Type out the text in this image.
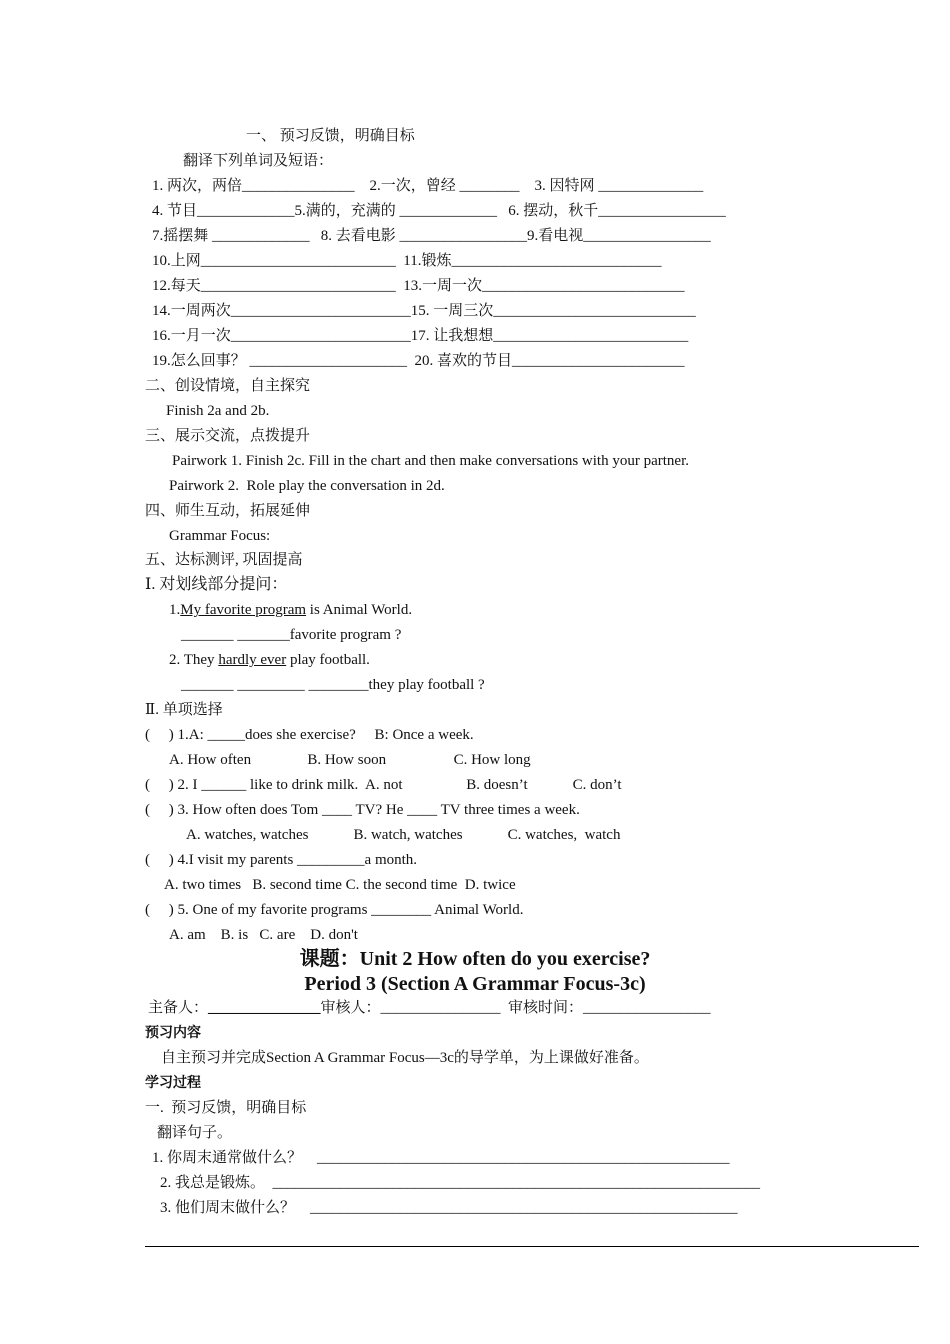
一、 预习反馈，明确目标
翻译下列单词及短语：
1. 两次，两倍_______________    2.一次，曾经 ________    3. 因特网 ______________
4. 节目_____________5.满的，充满的 _____________   6. 摆动，秋千_________________
7.摇摆舞 _____________   8. 去看电影 _________________9.看电视_________________
10.上网__________________________  11.锻炼____________________________
12.每天__________________________  13.一周一次___________________________
14.一周两次________________________15. 一周三次___________________________
16.一月一次________________________17. 让我想想__________________________
19.怎么回事？ _____________________  20. 喜欢的节目_______________________
二、创设情境，自主探究
Finish 2a and 2b.
三、展示交流，点拨提升
Pairwork 1. Finish 2c. Fill in the chart and then make conversations with your partner.
Pairwork 2.  Role play the conversation in 2d.
四、师生互动，拓展延伸
Grammar Focus:
五、达标测评, 巩固提高
Ⅰ. 对划线部分提问：
1.My favorite program is Animal World.
_______ _______favorite program ?
2. They hardly ever play football.
_______ _________ ________they play football ?
Ⅱ. 单项选择
(     ) 1.A: _____does she exercise?     B: Once a week.
A. How often               B. How soon                  C. How long
(     ) 2. I ______ like to drink milk.  A. not                 B. doesn’t            C. don’t
(     ) 3. How often does Tom ____ TV? He ____ TV three times a week.
A. watches, watches            B. watch, watches            C. watches,  watch
(     ) 4.I visit my parents _________a month.
A. two times   B. second time C. the second time  D. twice
(     ) 5. One of my favorite programs ________ Animal World.
A. am    B. is   C. are    D. don't
课题：Unit 2 How often do you exercise?
Period 3 (Section A Grammar Focus-3c)
主备人：_______________审核人：________________  审核时间：_________________
预习内容
自主预习并完成Section A Grammar Focus—3c的导学单，为上课做好准备。
学习过程
一.  预习反馈，明确目标
翻译句子。
1. 你周末通常做什么？    _______________________________________________________
2. 我总是锻炼。  _________________________________________________________________
3. 他们周末做什么？    _________________________________________________________
